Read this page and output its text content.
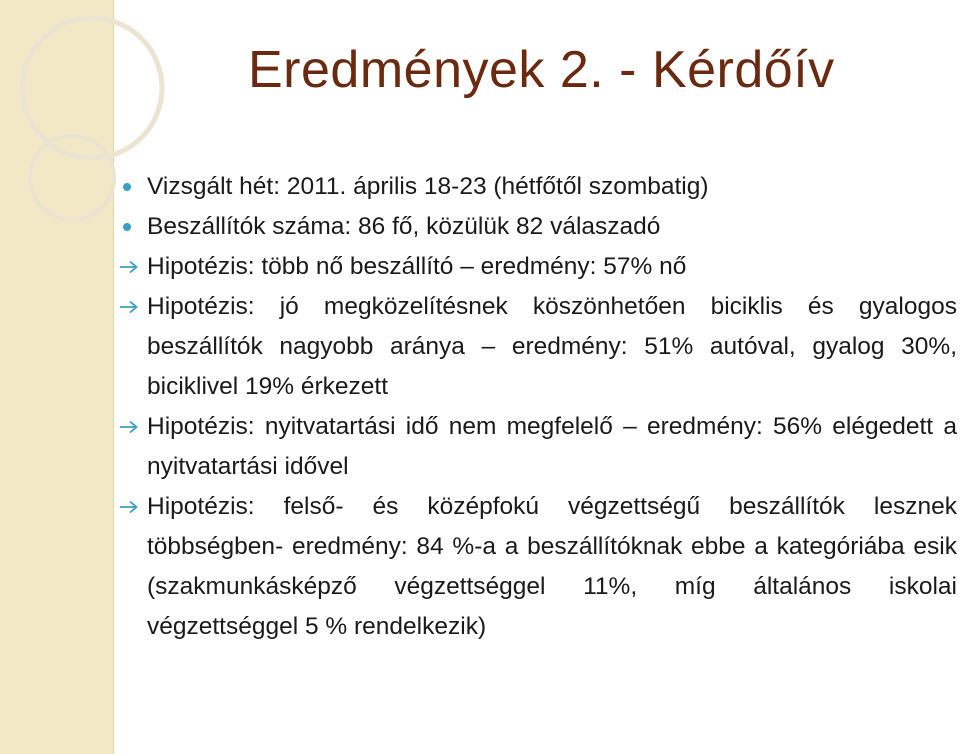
Eredmények 2. - Kérdőív

Vizsgált hét: 2011. április 18-23 (hétfőtől szombatig)

Beszállítók száma: 86 fő, közülük 82 válaszadó

Hipotézis: több nő beszállító – eredmény: 57% nő

Hipotézis: jó megközelítésnek köszönhetően biciklis és gyalogos beszállítók nagyobb aránya – eredmény: 51% autóval, gyalog 30%, biciklivel 19% érkezett

Hipotézis: nyitvatartási idő nem megfelelő – eredmény: 56% elégedett a nyitvatartási idővel

Hipotézis: felső- és középfokú végzettségű beszállítók lesznek többségben- eredmény: 84 %-a a beszállítóknak ebbe a kategóriába esik (szakmunkásképző végzettséggel 11%, míg általános iskolai végzettséggel 5 % rendelkezik)
